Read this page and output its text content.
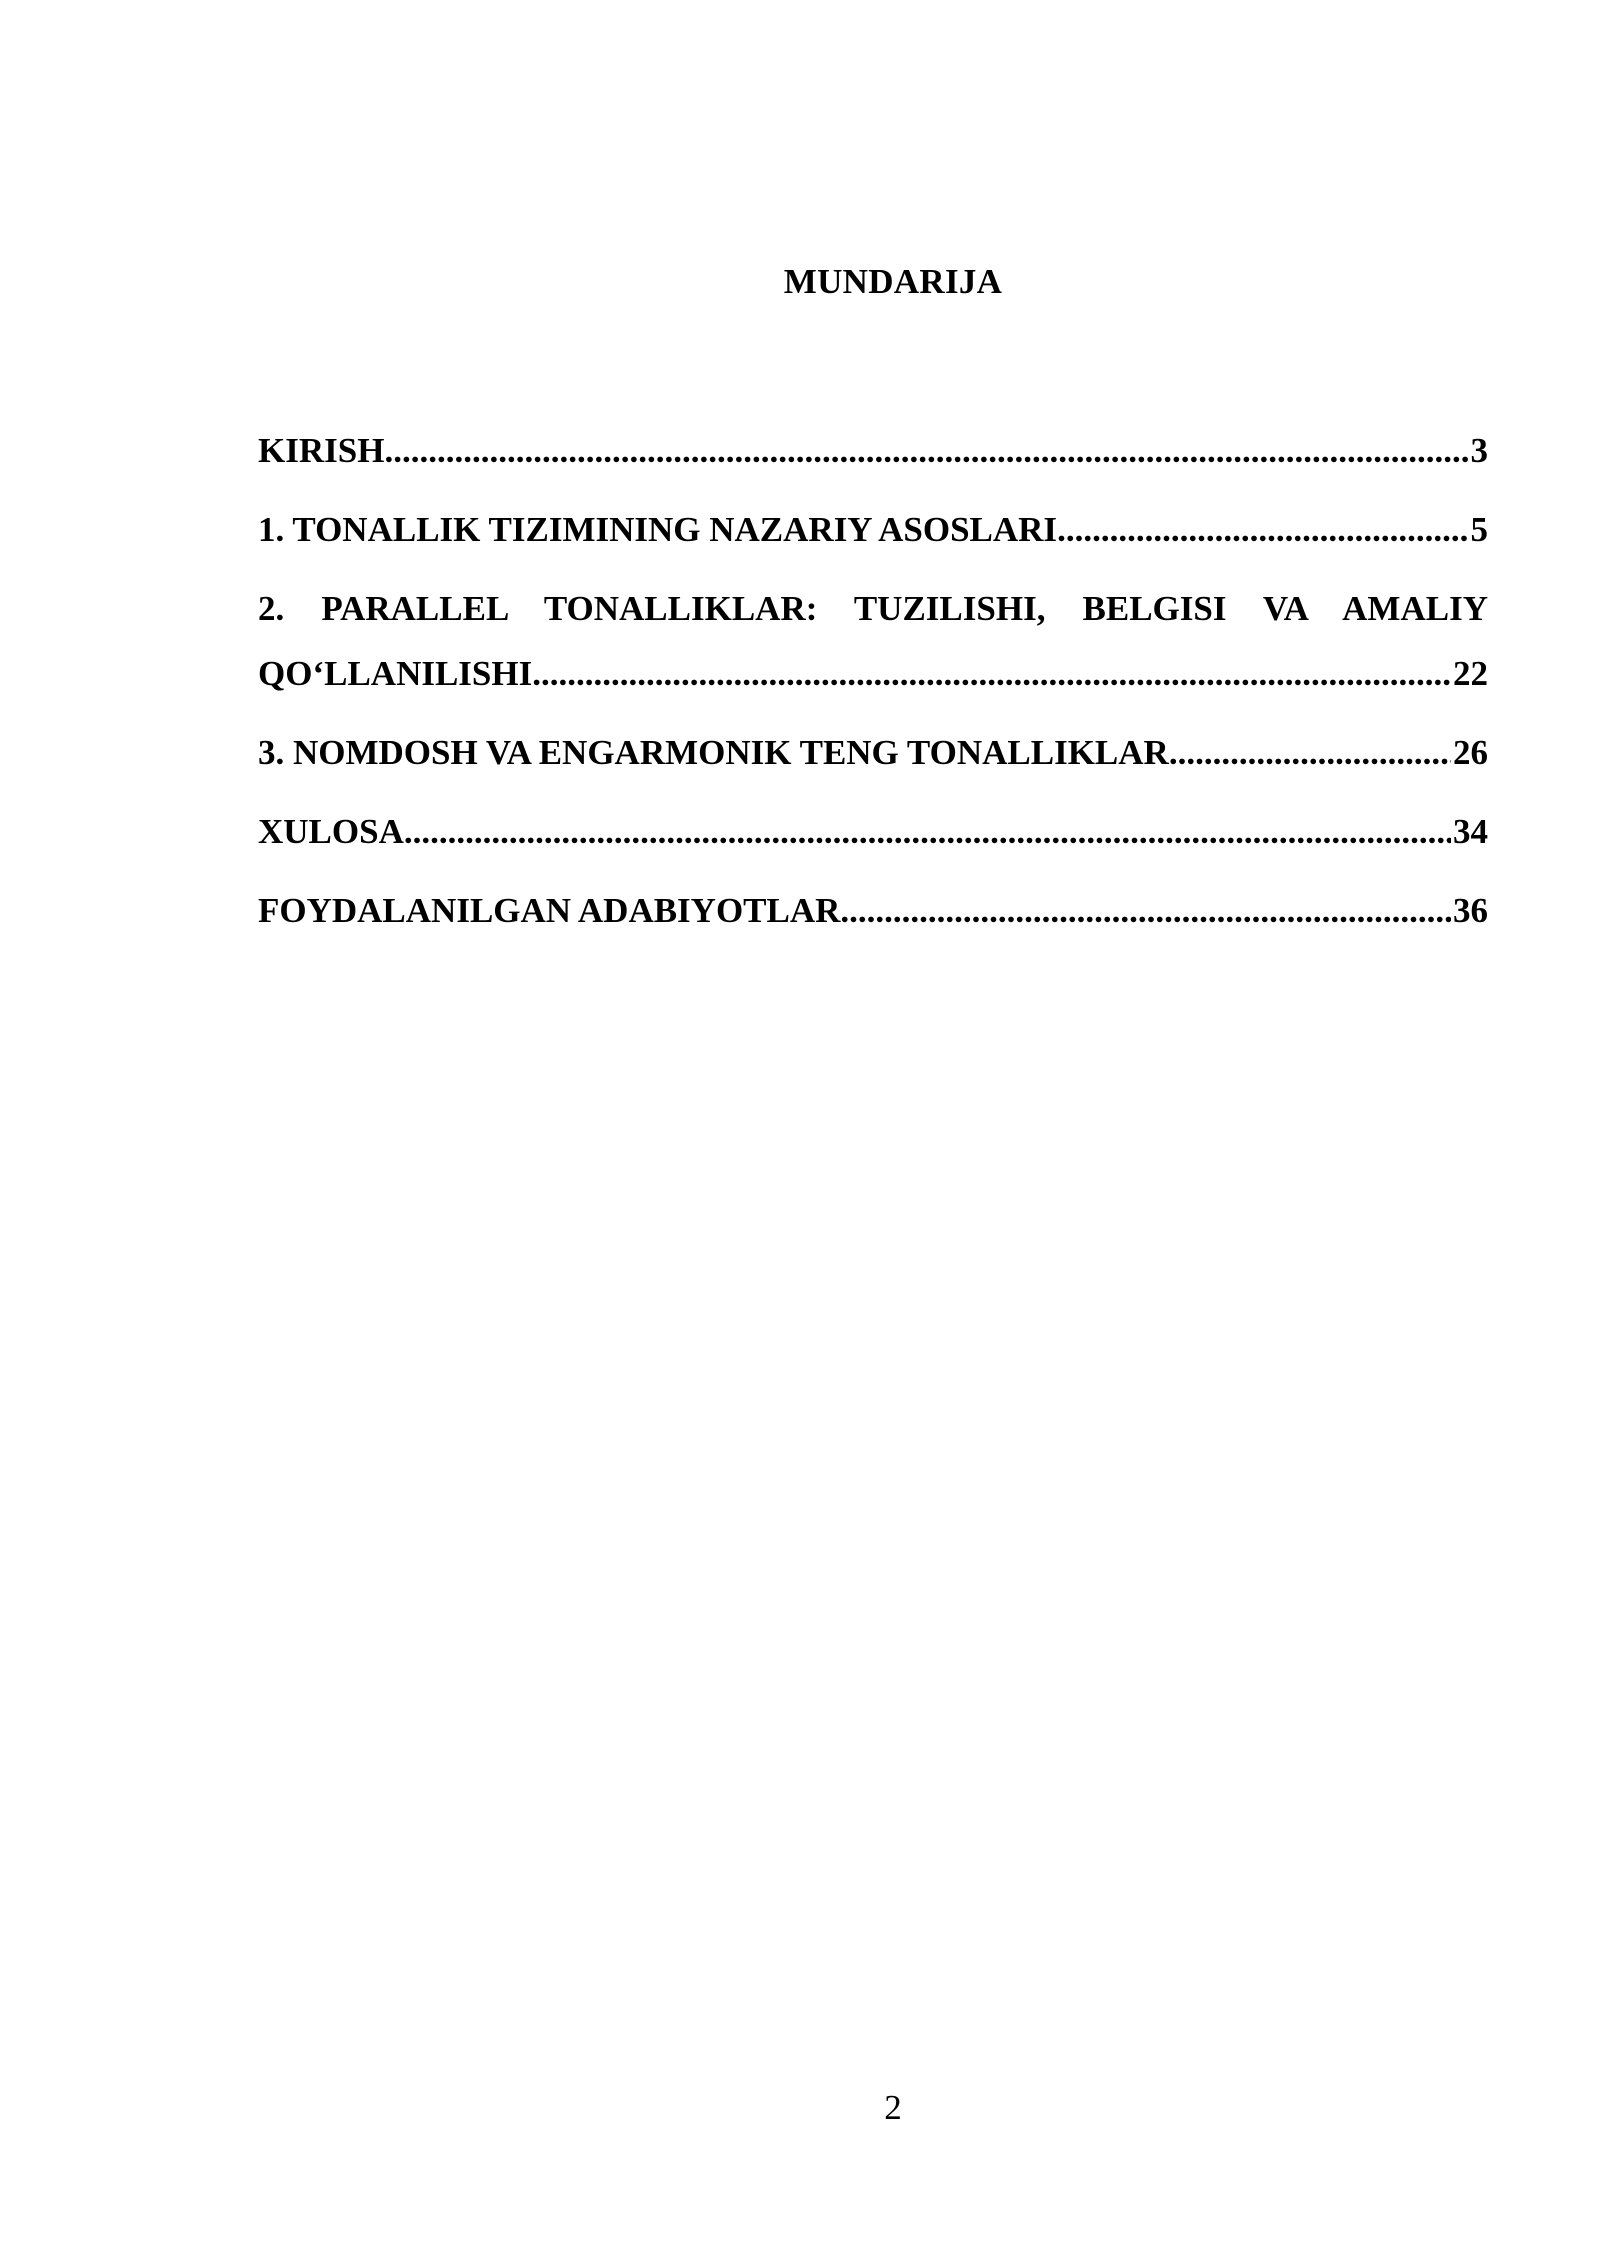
MUNDARIJA
KIRISH .....	3
1. TONALLIK TIZIMINING NAZARIY ASOSLARI .....	5
2. PARALLEL TONALLIKLAR: TUZILISHI, BELGISI VA AMALIY
QO‘LLANILISHI .....	22
3. NOMDOSH VA ENGARMONIK TENG TONALLIKLAR .....	26
XULOSA .....	34
FOYDALANILGAN ADABIYOTLAR .....	36
2
